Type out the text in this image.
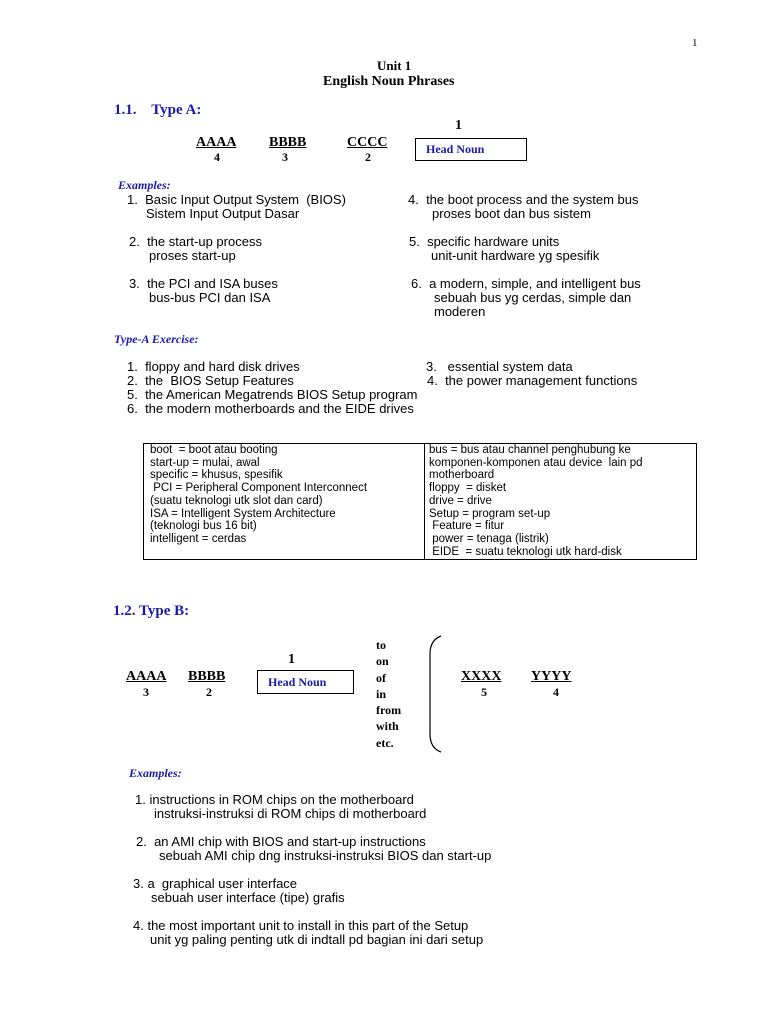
1
Unit 1
English Noun Phrases
1.1.    Type A:
AAAA
4
BBBB
3
CCCC
2
1
Head Noun
Examples:
1.  Basic Input Output System  (BIOS)
Sistem Input Output Dasar
2.  the start-up process
proses start-up
3.  the PCI and ISA buses
bus-bus PCI dan ISA
4.  the boot process and the system bus
proses boot dan bus sistem
5.  specific hardware units
unit-unit hardware yg spesifik
6.  a modern, simple, and intelligent bus
sebuah bus yg cerdas, simple dan
moderen
Type-A Exercise:
1.  floppy and hard disk drives	3.   essential system data
2.  the  BIOS Setup Features	4.  the power management functions
5.  the American Megatrends BIOS Setup program
6.  the modern motherboards and the EIDE drives
boot  = boot atau booting
start-up = mulai, awal
specific = khusus, spesifik
PCI = Peripheral Component Interconnect
(suatu teknologi utk slot dan card)
ISA = Intelligent System Architecture
(teknologi bus 16 bit)
intelligent = cerdas
bus = bus atau channel penghubung ke
komponen-komponen atau device  lain pd
motherboard
floppy  = disket
drive = drive
Setup = program set-up
Feature = fitur
power = tenaga (listrik)
EIDE  = suatu teknologi utk hard-disk
1.2. Type B:
1
Head Noun
AAAA
3
BBBB
2
to
on
of
in
from
with
etc.
XXXX
5
YYYY
4
Examples:
1. instructions in ROM chips on the motherboard
instruksi-instruksi di ROM chips di motherboard
2.  an AMI chip with BIOS and start-up instructions
sebuah AMI chip dng instruksi-instruksi BIOS dan start-up
3. a  graphical user interface
sebuah user interface (tipe) grafis
4. the most important unit to install in this part of the Setup
unit yg paling penting utk di indtall pd bagian ini dari setup
